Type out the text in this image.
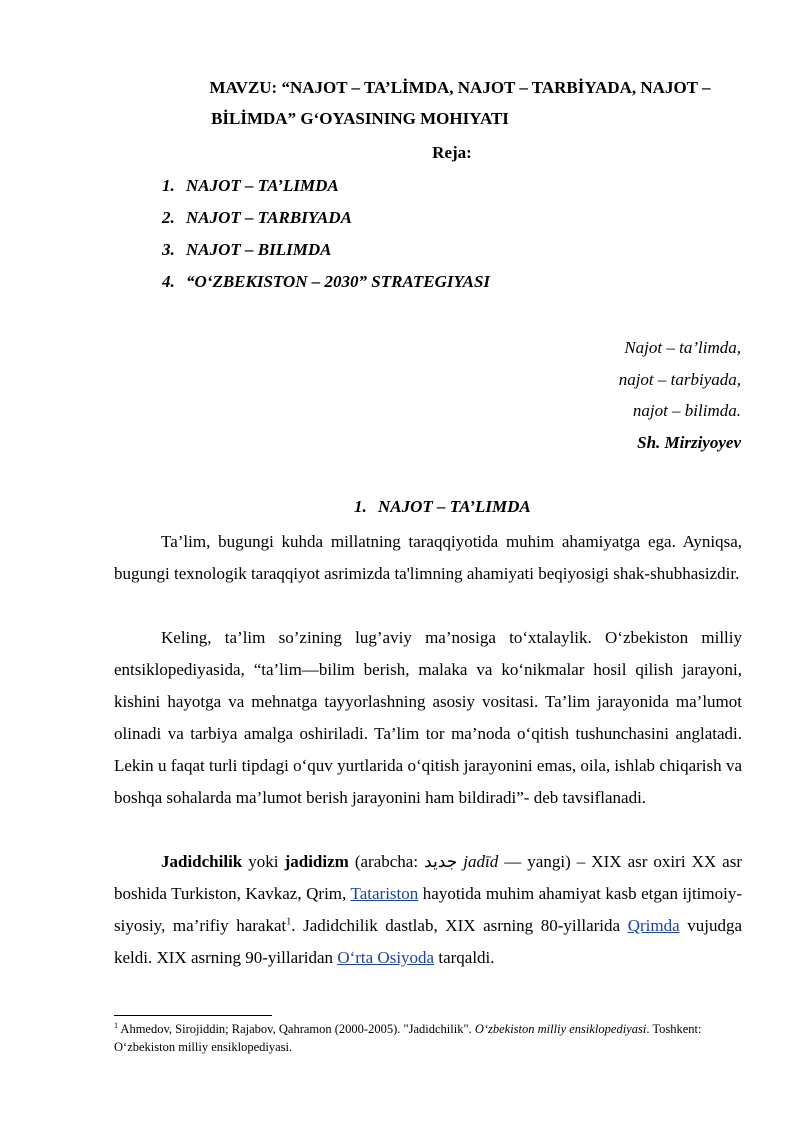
MAVZU: “NAJOT – TA’LİMDA, NAJOT – TARBİYADA, NAJOT –
BİLİMDA” G‘OYASINING MOHIYATI
Reja:
1. NAJOT – TA’LIMDA
2. NAJOT – TARBIYADA
3. NAJOT – BILIMDA
4. “O‘ZBEKISTON – 2030” STRATEGIYASI
Najot – ta’limda,
najot – tarbiyada,
najot – bilimda.
Sh. Mirziyoyev
1. NAJOT – TA’LIMDA

Ta’lim, bugungi kuhda millatning taraqqiyotida muhim ahamiyatga ega. Ayniqsa, bugungi texnologik taraqqiyot asrimizda ta'limning ahamiyati beqiyosigi shak-shubhasizdir.

Keling, ta’lim so’zining lug’aviy ma’nosiga to‘xtalaylik. O‘zbekiston milliy entsiklopediyasida, “ta’lim—bilim berish, malaka va ko‘nikmalar hosil qilish jarayoni, kishini hayotga va mehnatga tayyorlashning asosiy vositasi. Ta’lim jarayonida ma’lumot olinadi va tarbiya amalga oshiriladi. Ta’lim tor ma’noda o‘qitish tushunchasini anglatadi. Lekin u faqat turli tipdagi o‘quv yurtlarida o‘qitish jarayonini emas, oila, ishlab chiqarish va boshqa sohalarda ma’lumot berish jarayonini ham bildiradi”- deb tavsiflanadi.

Jadidchilik yoki jadidizm (arabcha: جديد jadīd — yangi) – XIX asr oxiri XX asr boshida Turkiston, Kavkaz, Qrim, Tatariston hayotida muhim ahamiyat kasb etgan ijtimoiy-siyosiy, ma’rifiy harakat$^1$. Jadidchilik dastlab, XIX asrning 80-yillarida Qrimda vujudga keldi. XIX asrning 90-yillaridan O‘rta Osiyoda tarqaldi.

$^1$ Ahmedov, Sirojiddin; Rajabov, Qahramon (2000-2005). "Jadidchilik". O‘zbekiston milliy ensiklopediyasi. Toshkent: O‘zbekiston milliy ensiklopediyasi.
